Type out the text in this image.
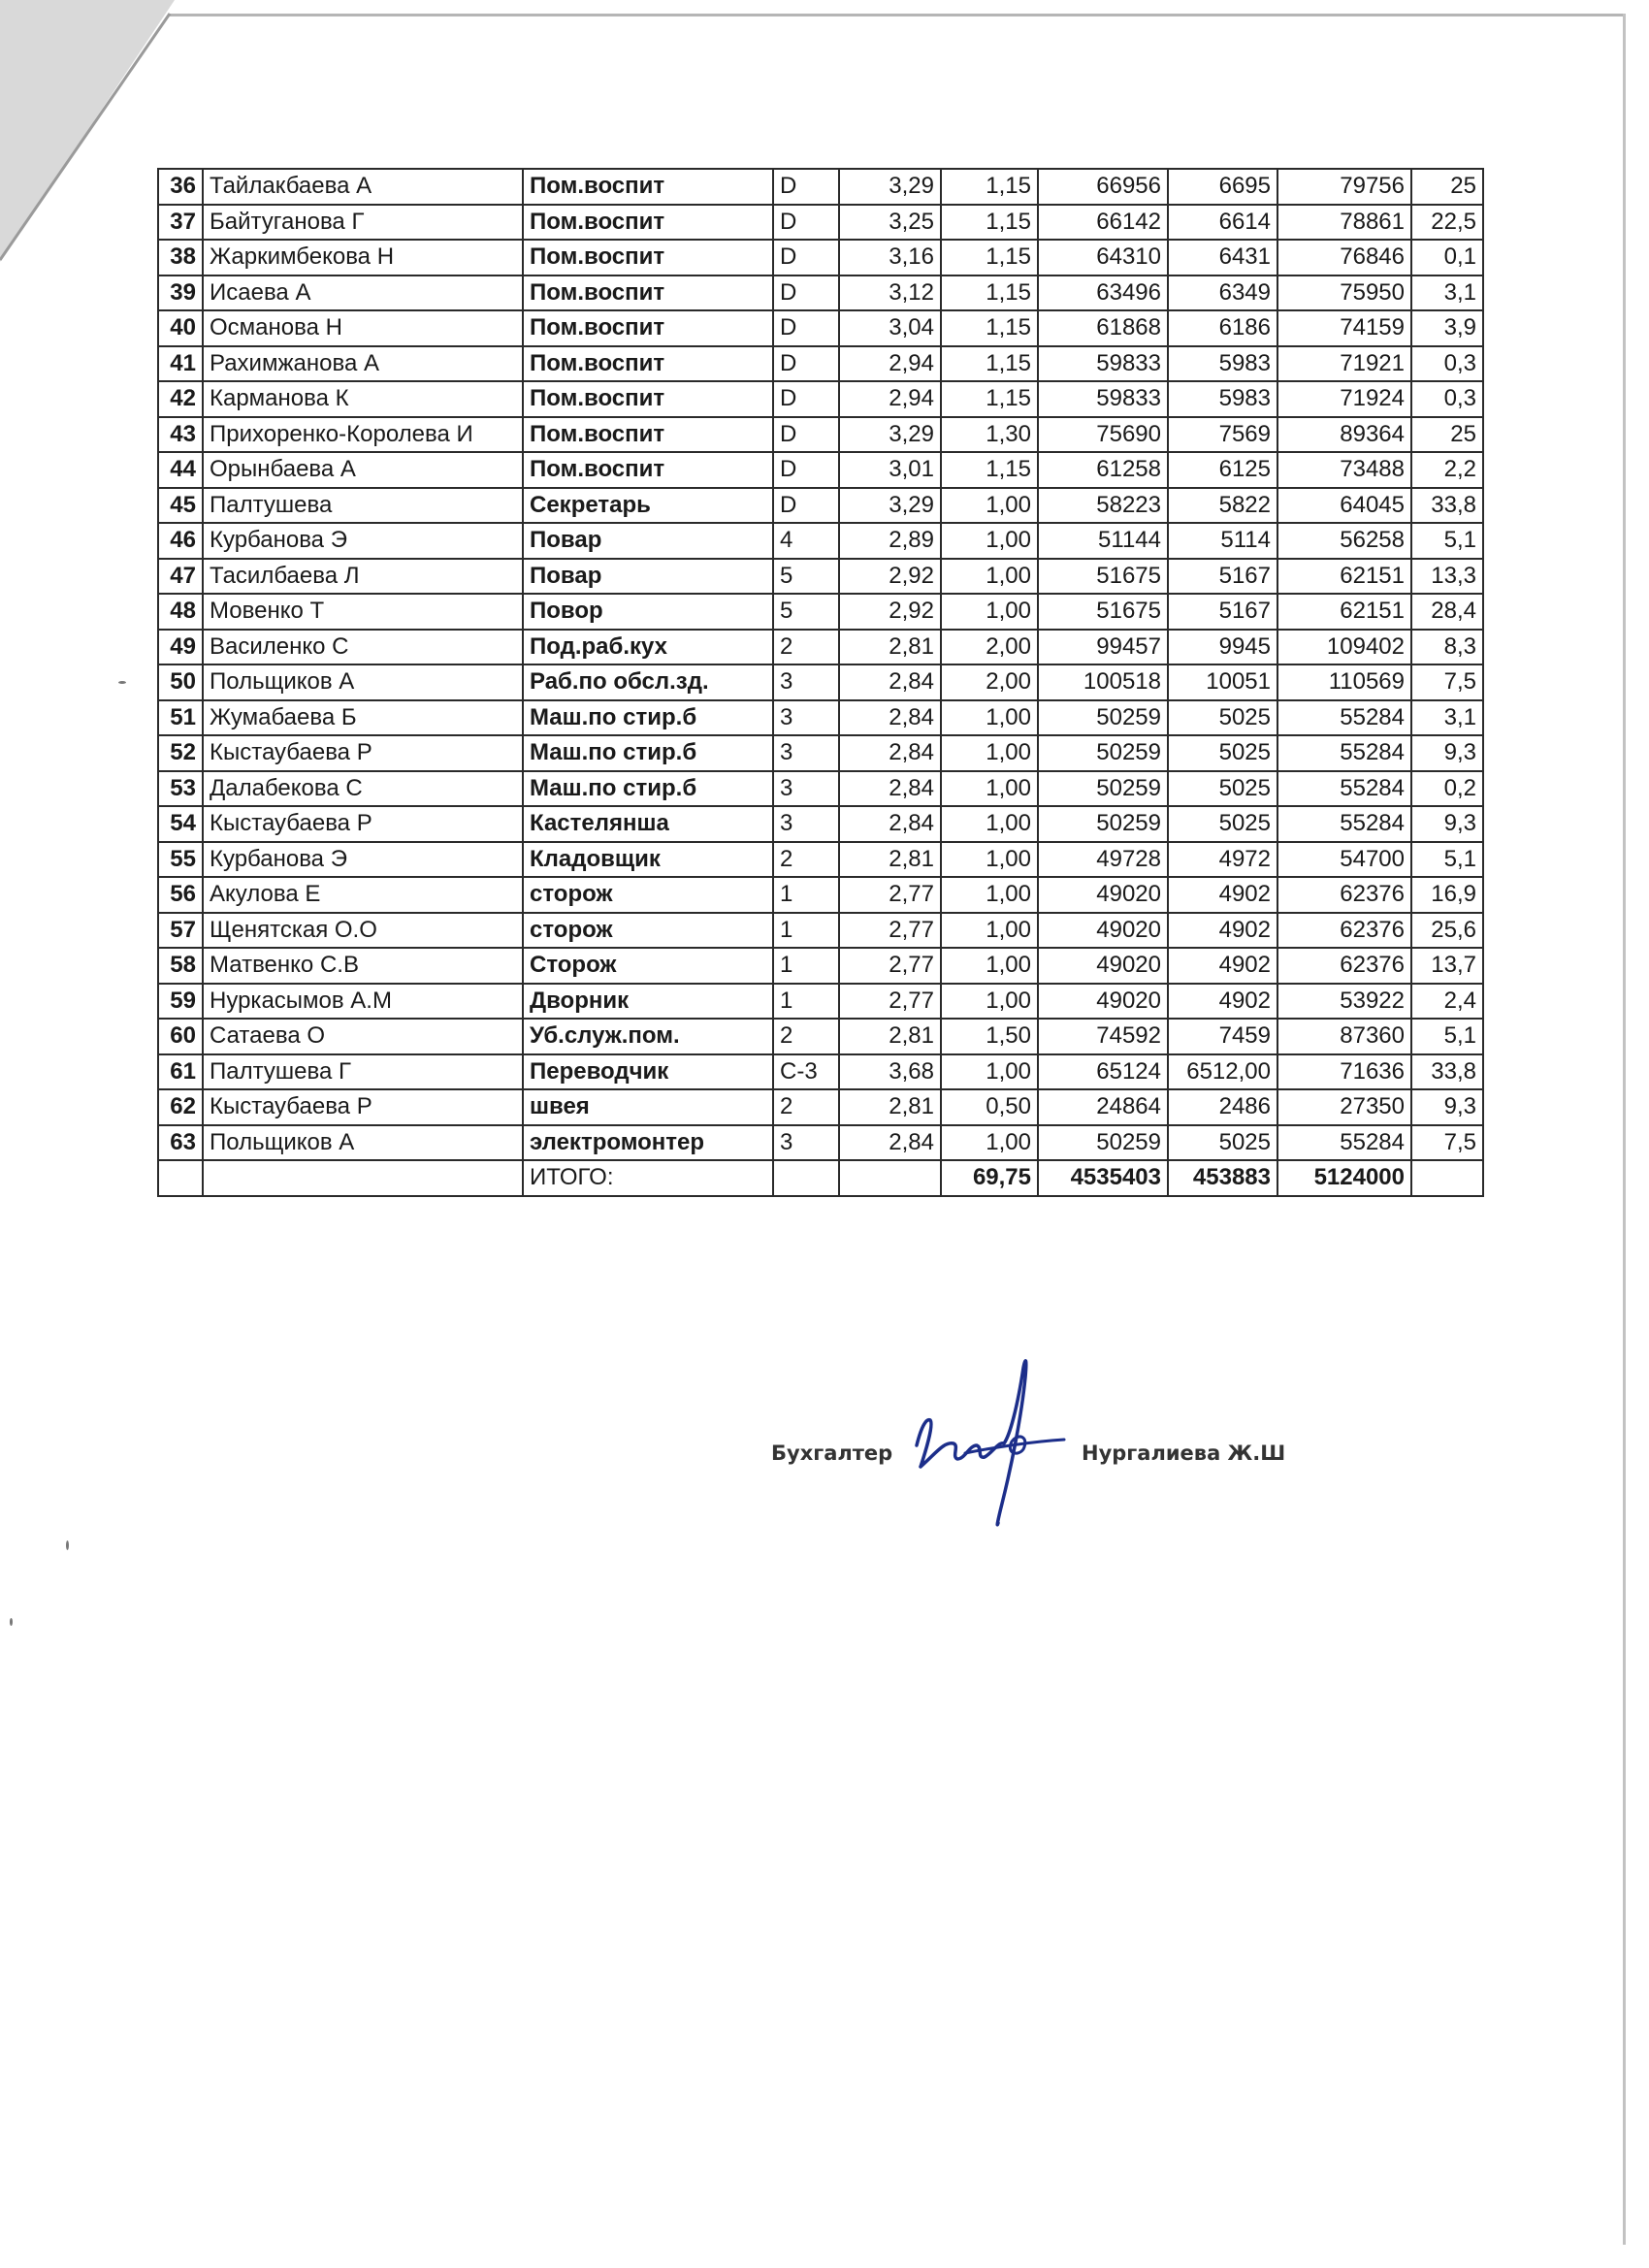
36	Тайлакбаева А	Пом.воспит	D	3,29	1,15	66956	6695	79756	25
37	Байтуганова Г	Пом.воспит	D	3,25	1,15	66142	6614	78861	22,5
38	Жаркимбекова Н	Пом.воспит	D	3,16	1,15	64310	6431	76846	0,1
39	Исаева А	Пом.воспит	D	3,12	1,15	63496	6349	75950	3,1
40	Османова Н	Пом.воспит	D	3,04	1,15	61868	6186	74159	3,9
41	Рахимжанова А	Пом.воспит	D	2,94	1,15	59833	5983	71921	0,3
42	Карманова К	Пом.воспит	D	2,94	1,15	59833	5983	71924	0,3
43	Прихоренко-Королева И	Пом.воспит	D	3,29	1,30	75690	7569	89364	25
44	Орынбаева А	Пом.воспит	D	3,01	1,15	61258	6125	73488	2,2
45	Палтушева	Секретарь	D	3,29	1,00	58223	5822	64045	33,8
46	Курбанова Э	Повар	4	2,89	1,00	51144	5114	56258	5,1
47	Тасилбаева Л	Повар	5	2,92	1,00	51675	5167	62151	13,3
48	Мовенко Т	Повор	5	2,92	1,00	51675	5167	62151	28,4
49	Василенко С	Под.раб.кух	2	2,81	2,00	99457	9945	109402	8,3
50	Польщиков А	Раб.по обсл.зд.	3	2,84	2,00	100518	10051	110569	7,5
51	Жумабаева Б	Маш.по стир.б	3	2,84	1,00	50259	5025	55284	3,1
52	Кыстаубаева Р	Маш.по стир.б	3	2,84	1,00	50259	5025	55284	9,3
53	Далабекова С	Маш.по стир.б	3	2,84	1,00	50259	5025	55284	0,2
54	Кыстаубаева Р	Кастелянша	3	2,84	1,00	50259	5025	55284	9,3
55	Курбанова Э	Кладовщик	2	2,81	1,00	49728	4972	54700	5,1
56	Акулова Е	сторож	1	2,77	1,00	49020	4902	62376	16,9
57	Щенятская О.О	сторож	1	2,77	1,00	49020	4902	62376	25,6
58	Матвенко С.В	Сторож	1	2,77	1,00	49020	4902	62376	13,7
59	Нуркасымов А.М	Дворник	1	2,77	1,00	49020	4902	53922	2,4
60	Сатаева О	Уб.служ.пом.	2	2,81	1,50	74592	7459	87360	5,1
61	Палтушева Г	Переводчик	С-3	3,68	1,00	65124	6512,00	71636	33,8
62	Кыстаубаева Р	швея	2	2,81	0,50	24864	2486	27350	9,3
63	Польщиков А	электромонтер	3	2,84	1,00	50259	5025	55284	7,5
		ИТОГО:			69,75	4535403	453883	5124000	
Бухгалтер	Нургалиева Ж.Ш
